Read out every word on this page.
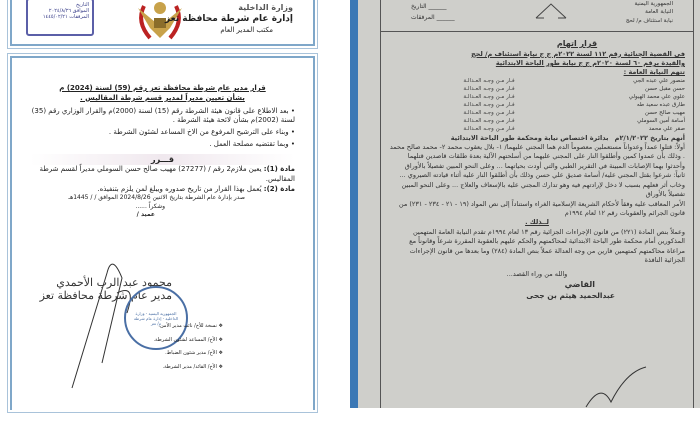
التاريخ
الموافق ٢٠٢٤/٨/٢٦
المرفقات ١٤٤٥/٠٢/٢١
وزارة الداخلية
إدارة عام شرطة محافظة تعز
مكتب المدير العام
قرار مدير عام شرطة محافظة تعز رقم (59) لسنة (2024) م
بشأن تعيين مديراً لمدير قسم شرطة المقاليس .
• بعد الاطلاع على قانون هيئة الشرطة رقم (15) لسنة (2000)م والقرار الوزاري رقم (35) لسنة (2002)م بشأن لائحة هيئة الشرطة .
• وبناء على الترشيح المرفوع من الاخ المساعد لشئون الشرطة .
• وبما تقتضيه مصلحة العمل .
قـــرر
مادة (1): يعين ملازم2 رقم / (27277) مهيب صالح حسن السوملي مديراً لقسم شرطة المقاليس.
مادة (2): يُعمل بهذا القرار من تاريخ صدوره ويبلغ لمن يلزم بتنفيذه.
صدر بإدارة عام الشرطة بتاريخ الاثنين 2024/8/26 الموافق / / 1445هـ
وشكراً ......
عميد /
محمود عبد الرب الأحمدي
مدير عام شرطة محافظة تعز
الجمهورية اليمنية - وزارة الداخلية - إدارة عام شرطة م/ تعز	❖ نسخة للأخ/ نائب مدير الأمن.
❖ الأخ/ المساعد لشئون الشرطة.
❖ الأخ/ مدير شئون الضباط.
❖ الأخ/ القائد/ مدير الشرطة.
التاريخ ______
المرفقات ______
الجمهورية اليمنية
النيابة العامة
نيابة استئناف م/ لحج
قرار اتهام
في القضية الجنائية رقم ١١٢ لسنة ٢٠٢٢م ج ج نيابة استئناف م/ لحج
والقيدة برقم ٦٠ لسنة ٢٠٢٠م ج ج نيابة طور الباحة الابتدائية
تتهم النيابة العامة :
منصور علي عبده الجي
حسن مقبل حسن
علوي علي محمد الهيولي
طارق عبده سعيد طه
مهيب صالح حسن
أسامة أمين السوملي
صقر علي محمد
فـار مـن وجـه العـدالـة
فـار مـن وجـه العـدالـة
فـار مـن وجـه العـدالـة
فـار مـن وجـه العـدالـة
فـار مـن وجـه العـدالـة
فـار مـن وجـه العـدالـة
فـار مـن وجـه العـدالـة
أنهم بتاريخ ٢/١/٢٠٢٢م   بدائرة اختصاص نيابة ومحكمة طور الباحة الابتدائية
أولاً: قتلوا عمداً وعدواناً مستعملين معصوماً الدم هما المجني عليهما/ ١- بلال يعقوب محمد ٢- محمد صالح محمد . وذلك بأن عمدوا كمين وأطلقوا النار على المجني عليهما من أسلحتهم الآلية بعدة طلقات قاصدين قتلهما وأحدثوا بهما الإصابات المبينة في التقرير الطبي والتي أودت بحياتهما ... وعلى النحو المبين تفصيلاً بالأوراق
ثانياً: شرعوا بقتل المجني عليه/ أسامة صديق علي حسن وذلك بأن أطلقوا النار عليه أثناء قيادته الصيروي ... وخاب أثر فعلهم بسبب لا دخل لإرادتهم فيه وهو تدارك المجني عليه بالإسعاف والعلاج ... وعلى النحو المبين تفصيلاً بالأوراق
الأمر المعاقب عليه وفقاً لأحكام الشريعة الإسلامية الغراء واستناداً إلى نص المواد (١٩ - ٢١ - ٢٣٤ - ٢٣١) من قانون الجرائم والعقوبات رقم ١٢ لعام ١٩٩٤م
لــذلك .
وعملاً بنص المادة (٢٢١) من قانون الإجراءات الجزائية رقم ١٣ لعام ١٩٩٤م تقدم النيابة العامة المتهمين المذكورين أمام محكمة طور الباحة الابتدائية لمحاكمتهم والحكم عليهم بالعقوبة المقررة شرعاً وقانوناً مع مراعاة محاكمتهم كمتهمين فارين من وجه العدالة عملاً بنص المادة (٢٨٤) وما بعدها من قانون الإجراءات الجزائية النافذة
والله من وراء القصد...
القاضي
عبدالحميد هيثم بن جحى
